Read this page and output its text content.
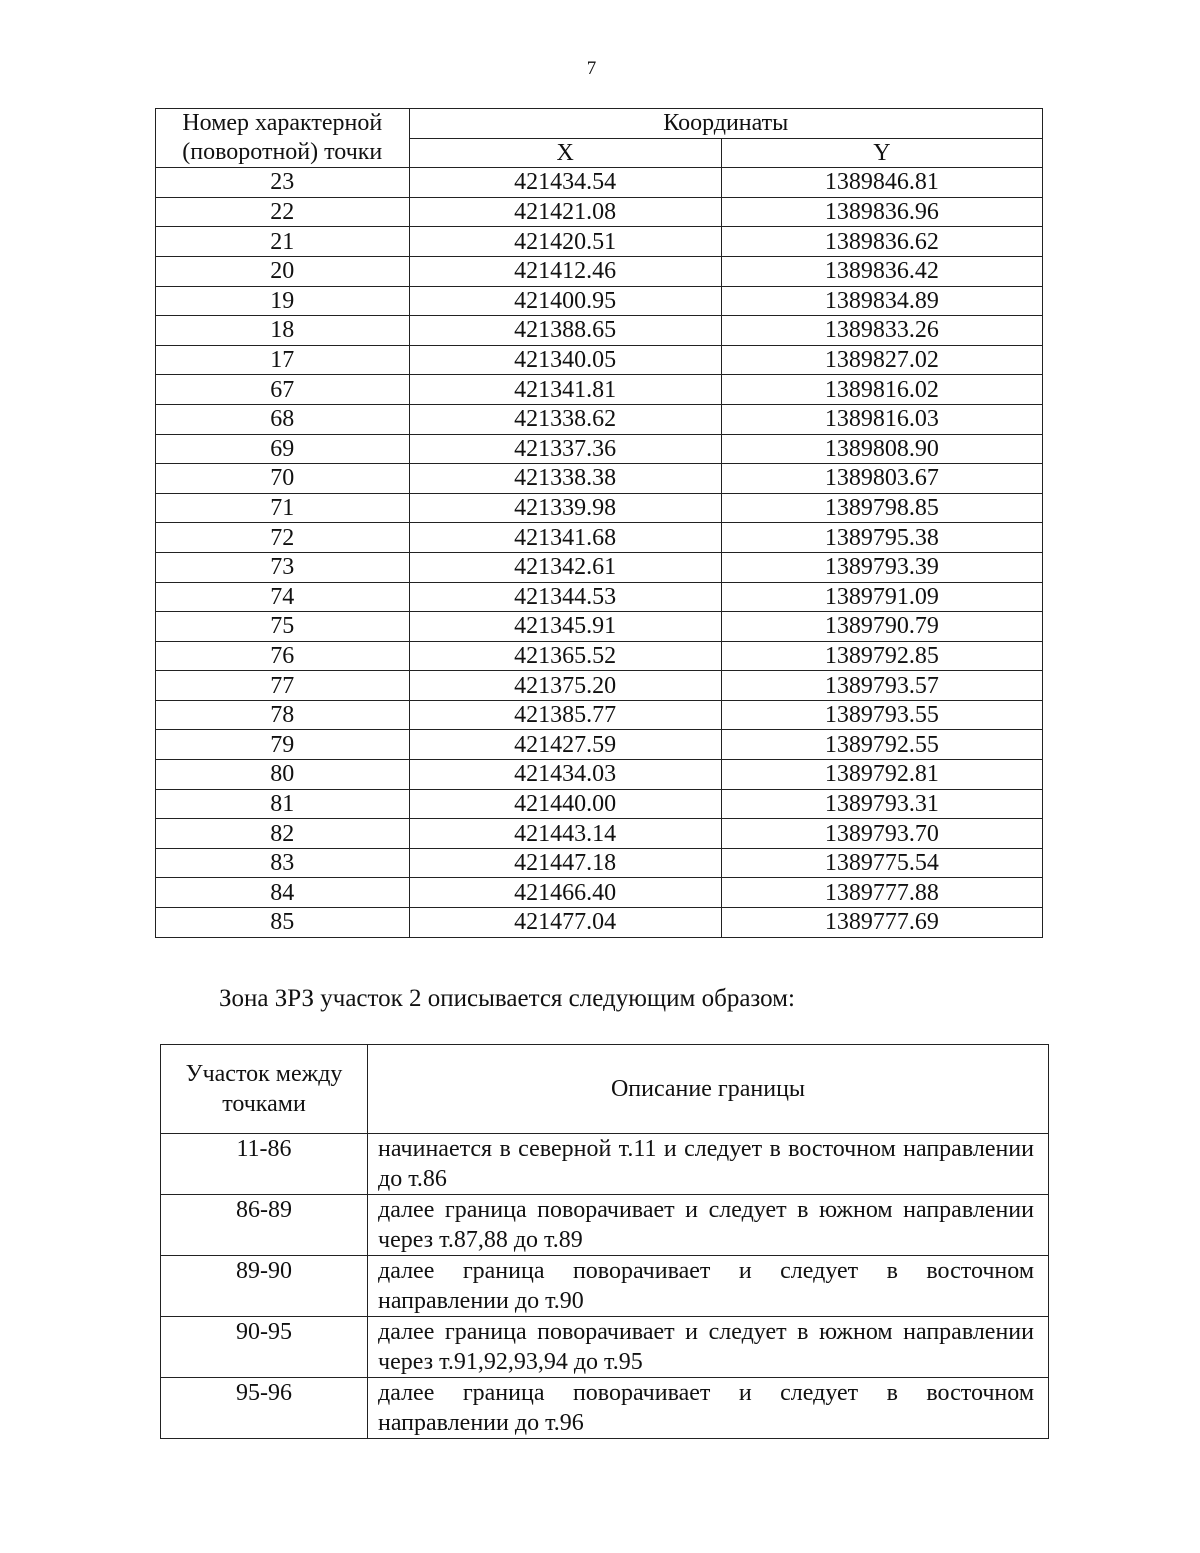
7
Номер характерной (поворотной) точки	Координаты	
	X	Y
23	421434.54	1389846.81
22	421421.08	1389836.96
21	421420.51	1389836.62
20	421412.46	1389836.42
19	421400.95	1389834.89
18	421388.65	1389833.26
17	421340.05	1389827.02
67	421341.81	1389816.02
68	421338.62	1389816.03
69	421337.36	1389808.90
70	421338.38	1389803.67
71	421339.98	1389798.85
72	421341.68	1389795.38
73	421342.61	1389793.39
74	421344.53	1389791.09
75	421345.91	1389790.79
76	421365.52	1389792.85
77	421375.20	1389793.57
78	421385.77	1389793.55
79	421427.59	1389792.55
80	421434.03	1389792.81
81	421440.00	1389793.31
82	421443.14	1389793.70
83	421447.18	1389775.54
84	421466.40	1389777.88
85	421477.04	1389777.69
Зона ЗРЗ участок 2 описывается следующим образом:
Участок между точками	Описание границы
11-86	начинается в северной т.11 и следует в восточном направлении до т.86
86-89	далее граница поворачивает и следует в южном направлении через т.87,88 до т.89
89-90	далее граница поворачивает и следует в восточном направлении до т.90
90-95	далее граница поворачивает и следует в южном направлении через т.91,92,93,94 до т.95
95-96	далее граница поворачивает и следует в восточном направлении до т.96
